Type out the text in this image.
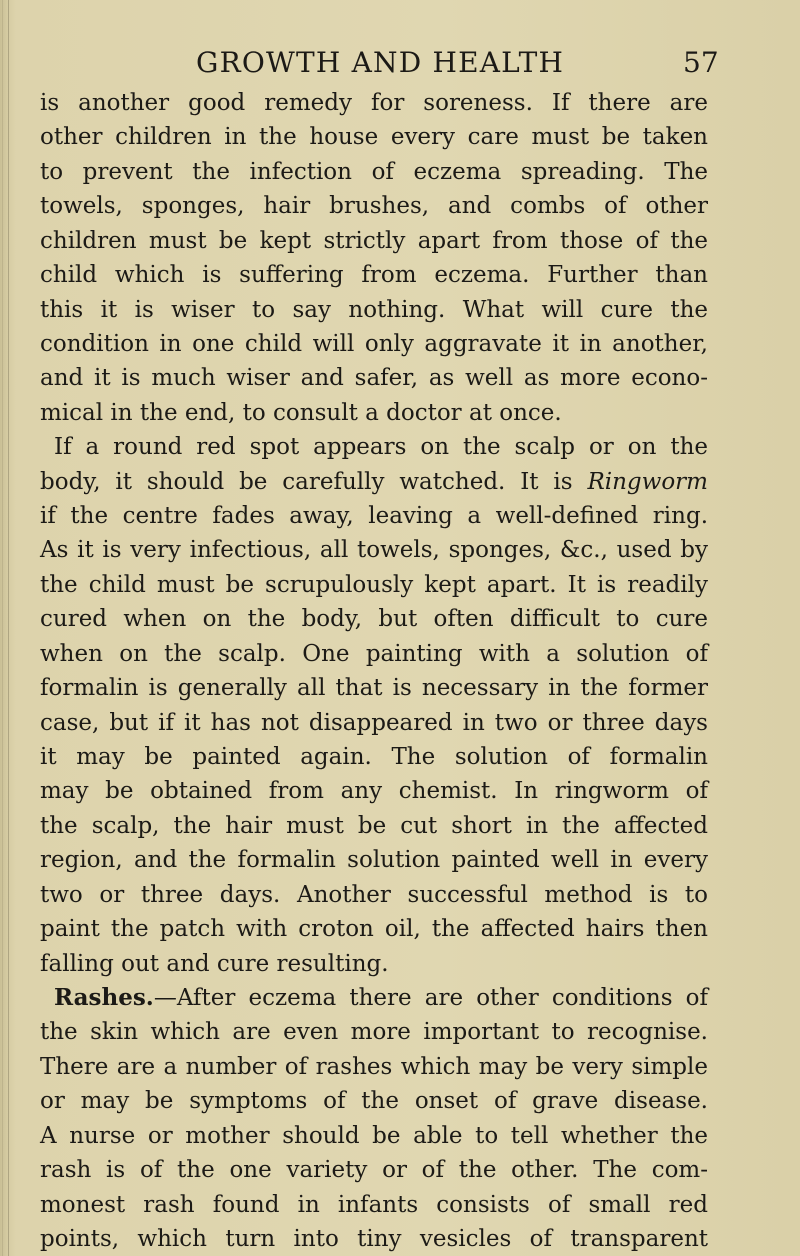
GROWTH AND HEALTH	57
is another good remedy for soreness. If there are
other children in the house every care must be taken
to prevent the infection of eczema spreading. The
towels, sponges, hair brushes, and combs of other
children must be kept strictly apart from those of the
child which is suffering from eczema. Further than
this it is wiser to say nothing. What will cure the
condition in one child will only aggravate it in another,
and it is much wiser and safer, as well as more econo-
mical in the end, to consult a doctor at once.
If a round red spot appears on the scalp or on the
body, it should be carefully watched. It is Ringworm
if the centre fades away, leaving a well-defined ring.
As it is very infectious, all towels, sponges, &c., used by
the child must be scrupulously kept apart. It is readily
cured when on the body, but often difficult to cure
when on the scalp. One painting with a solution of
formalin is generally all that is necessary in the former
case, but if it has not disappeared in two or three days
it may be painted again. The solution of formalin
may be obtained from any chemist. In ringworm of
the scalp, the hair must be cut short in the affected
region, and the formalin solution painted well in every
two or three days. Another successful method is to
paint the patch with croton oil, the affected hairs then
falling out and cure resulting.
Rashes.—After eczema there are other conditions of
the skin which are even more important to recognise.
There are a number of rashes which may be very simple
or may be symptoms of the onset of grave disease.
A nurse or mother should be able to tell whether the
rash is of the one variety or of the other. The com-
monest rash found in infants consists of small red
points, which turn into tiny vesicles of transparent
